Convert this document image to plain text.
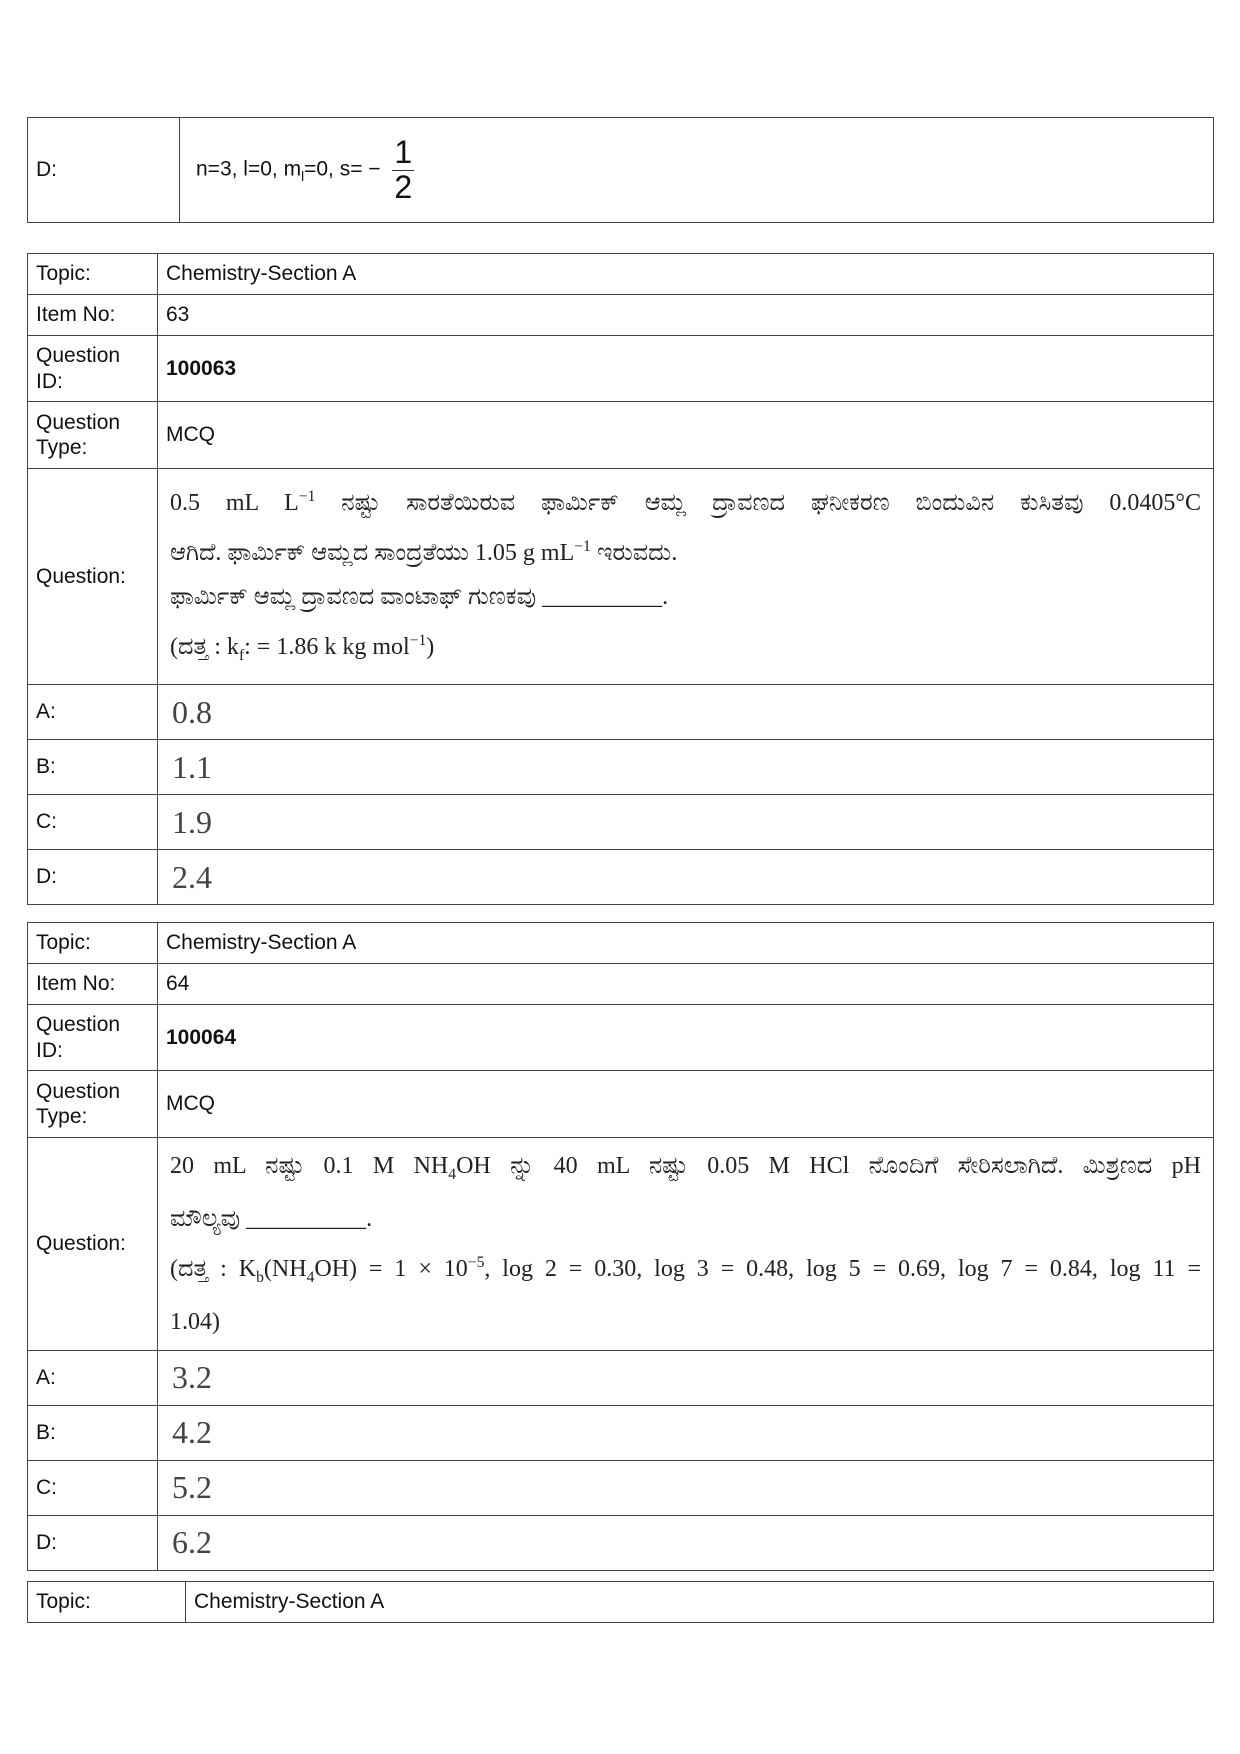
D:	n=3, l=0, $m_l=0$, $s= - \frac{1}{2}$
Topic:	Chemistry-Section A
Item No:	63
Question ID:	100063
Question Type:	MCQ
Question:	0.5 mL $L^{-1}$ ನಷ್ಟು ಸಾರತೆಯಿರುವ ಫಾರ್ಮಿಕ್ ಆಮ್ಲ ದ್ರಾವಣದ ಘನೀಕರಣ ಬಿಂದುವಿನ ಕುಸಿತವು 0.0405°C
ಆಗಿದೆ. ಫಾರ್ಮಿಕ್ ಆಮ್ಲದ ಸಾಂದ್ರತೆಯು 1.05 g $mL^{-1}$ ಇರುವದು.
ಫಾರ್ಮಿಕ್ ಆಮ್ಲ ದ್ರಾವಣದ ವಾಂಟಾಫ್ ಗುಣಕವು __________.
(ದತ್ತ : $k_f$: = 1.86 k kg mol$^{-1}$)

A:	0.8
B:	1.1
C:	1.9
D:	2.4
Topic:	Chemistry-Section A
Item No:	64
Question ID:	100064
Question Type:	MCQ
Question:	20 mL ನಷ್ಟು 0.1 M $NH_4OH$ ನ್ನು 40 mL ನಷ್ಟು 0.05 M HCl ನೊಂದಿಗೆ ಸೇರಿಸಲಾಗಿದೆ. ಮಿಶ್ರಣದ pH
ಮೌಲ್ಯವು __________.
(ದತ್ತ : $K_b(NH_4OH) = 1 \times 10^{-5}$, log 2 = 0.30, log 3 = 0.48, log 5 = 0.69, log 7 = 0.84, log 11 =
1.04)

A:	3.2
B:	4.2
C:	5.2
D:	6.2
Topic:	Chemistry-Section A
